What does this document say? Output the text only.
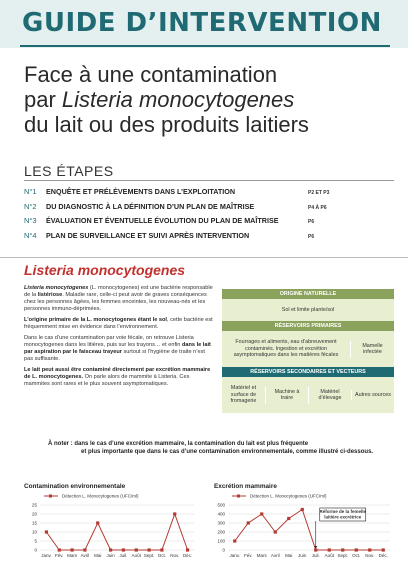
GUIDE D’INTERVENTION
Face à une contamination
par Listeria monocytogenes
du lait ou des produits laitiers
LES ÉTAPES
N°1	ENQUÊTE ET PRÉLÈVEMENTS DANS L’EXPLOITATION	P2 ET P3
N°2	DU DIAGNOSTIC À LA DÉFINITION D’UN PLAN DE MAÎTRISE	P4 À P6
N°3	ÉVALUATION ET ÉVENTUELLE ÉVOLUTION DU PLAN DE MAÎTRISE	P6
N°4	PLAN DE SURVEILLANCE ET SUIVI APRÈS INTERVENTION	P6
Listeria monocytogenes

Listeria monocytogenes (L. monocytogenes) est une bactérie responsable de la listériose. Maladie rare, celle-ci peut avoir de graves conséquences chez les personnes âgées, les femmes enceintes, les nouveau-nés et les personnes immuno-déprimées.

L’origine primaire de la L. monocytogenes étant le sol, cette bactérie est fréquemment mise en évidence dans l’environnement.

Dans le cas d’une contamination par voie fécale, on retrouve Listeria monocytogenes dans les litières, puis sur les trayons… et enfin dans le lait par aspiration par le faisceau trayeur surtout si l’hygiène de traite n’est pas suffisante.

Le lait peut aussi être contaminé directement par excrétion mammaire de L. monocytogenes. On parle alors de mammite à Listeria. Ces mammites sont rares et le plus souvent asymptomatiques.

ORIGINE NATURELLE
Sol et limite plante/sol
RÉSERVOIRS PRIMAIRES
Fourrages et aliments, eau d’abreuvement contaminés. Ingestion et excrétion asymptomatiques dans les matières fécales
Mamelle infectée
RÉSERVOIRS SECONDAIRES ET VECTEURS
Matériel et surface de fromagerie
Machine à traire
Matériel d’élevage
Autres sources
À noter : dans le cas d’une excrétion mammaire, la contamination du lait est plus fréquente
et plus importante que dans le cas d’une contamination environnementale, comme illustré ci-dessous.
Contamination environnementale	Excrétion mammaire
Détection L. Monocytogenes (UFC/ml)
0
5
10
15
20
25
Janv. Fév. Mars Avril Mai Juin Juil. Août Sept. Oct. Nov. Déc.
Détection L. Monocytogenes (UFC/ml)
0
100
200
300
400
500
Janv. Fév. Mars Avril Mai Juin Juil. Août Sept. Oct. Nov. Déc.
Réforme de la femelle
laitière excrétrice
